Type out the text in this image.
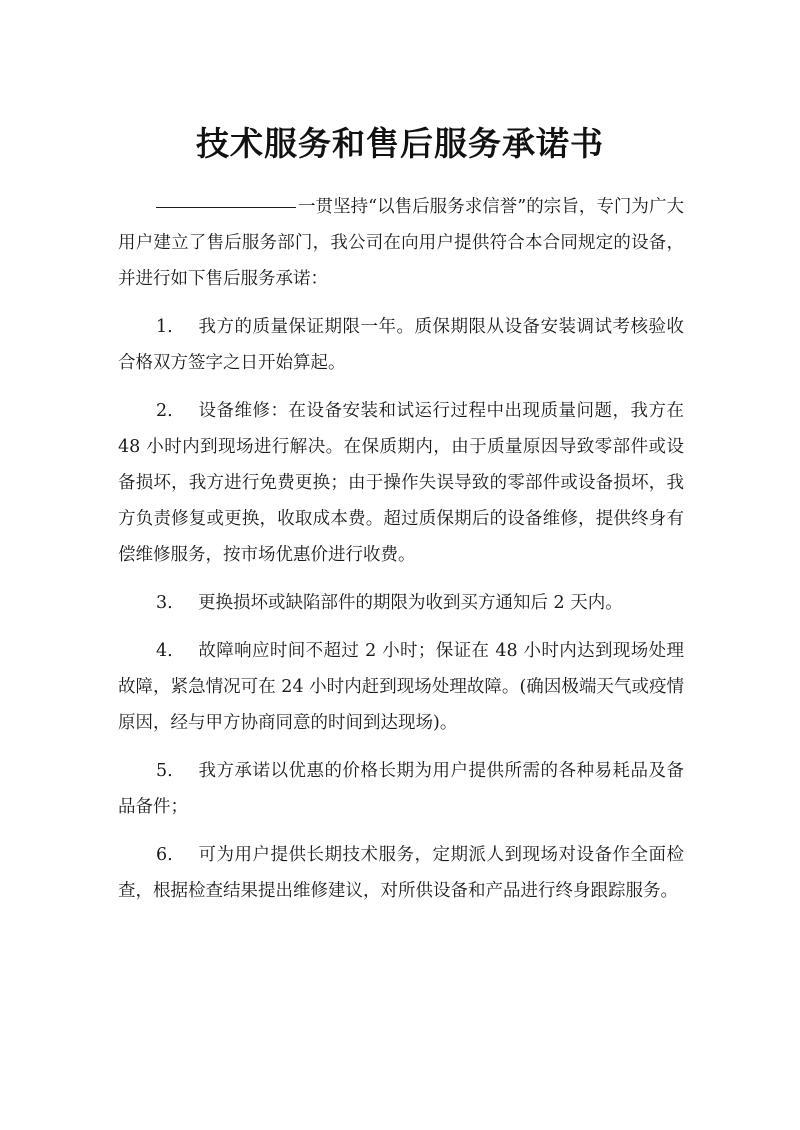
技术服务和售后服务承诺书

一贯坚持“以售后服务求信誉”的宗旨，专门为广大用户建立了售后服务部门，我公司在向用户提供符合本合同规定的设备，并进行如下售后服务承诺：

1. 我方的质量保证期限一年。质保期限从设备安装调试考核验收合格双方签字之日开始算起。

2. 设备维修：在设备安装和试运行过程中出现质量问题，我方在 48 小时内到现场进行解决。在保质期内，由于质量原因导致零部件或设备损坏，我方进行免费更换；由于操作失误导致的零部件或设备损坏，我方负责修复或更换，收取成本费。超过质保期后的设备维修，提供终身有偿维修服务，按市场优惠价进行收费。

3. 更换损坏或缺陷部件的期限为收到买方通知后 2 天内。

4. 故障响应时间不超过 2 小时；保证在 48 小时内达到现场处理故障，紧急情况可在 24 小时内赶到现场处理故障。(确因极端天气或疫情原因，经与甲方协商同意的时间到达现场)。

5. 我方承诺以优惠的价格长期为用户提供所需的各种易耗品及备品备件；

6. 可为用户提供长期技术服务，定期派人到现场对设备作全面检查，根据检查结果提出维修建议，对所供设备和产品进行终身跟踪服务。
